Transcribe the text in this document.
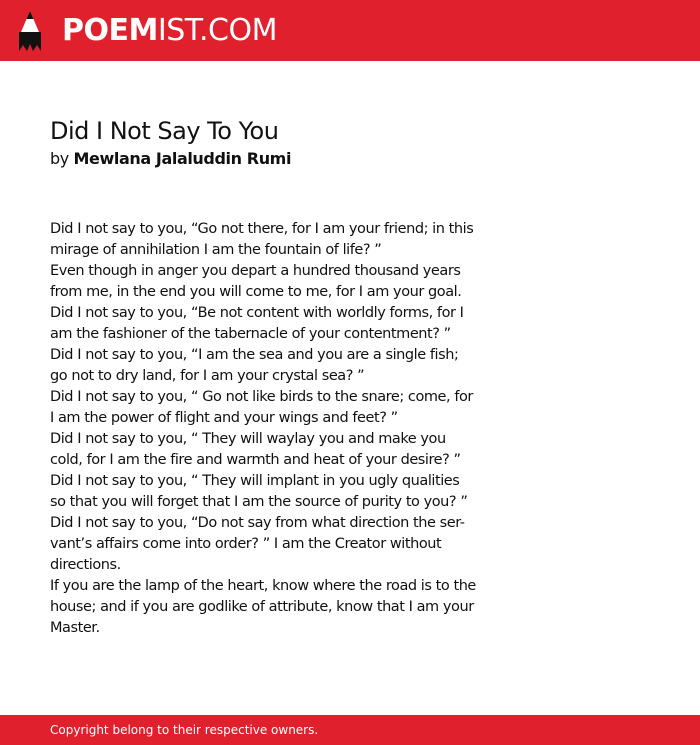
POEMIST.COM
Did I Not Say To You
by Mewlana Jalaluddin Rumi
Did I not say to you, “Go not there, for I am your friend; in this
mirage of annihilation I am the fountain of life? ”
Even though in anger you depart a hundred thousand years
from me, in the end you will come to me, for I am your goal.
Did I not say to you, “Be not content with worldly forms, for I
am the fashioner of the tabernacle of your contentment? ”
Did I not say to you, “I am the sea and you are a single fish;
go not to dry land, for I am your crystal sea? ”
Did I not say to you, “ Go not like birds to the snare; come, for
I am the power of flight and your wings and feet? ”
Did I not say to you, “ They will waylay you and make you
cold, for I am the fire and warmth and heat of your desire? ”
Did I not say to you, “ They will implant in you ugly qualities
so that you will forget that I am the source of purity to you? ”
Did I not say to you, “Do not say from what direction the ser-
vant’s affairs come into order? ” I am the Creator without
directions.
If you are the lamp of the heart, know where the road is to the
house; and if you are godlike of attribute, know that I am your
Master.
Copyright belong to their respective owners.
